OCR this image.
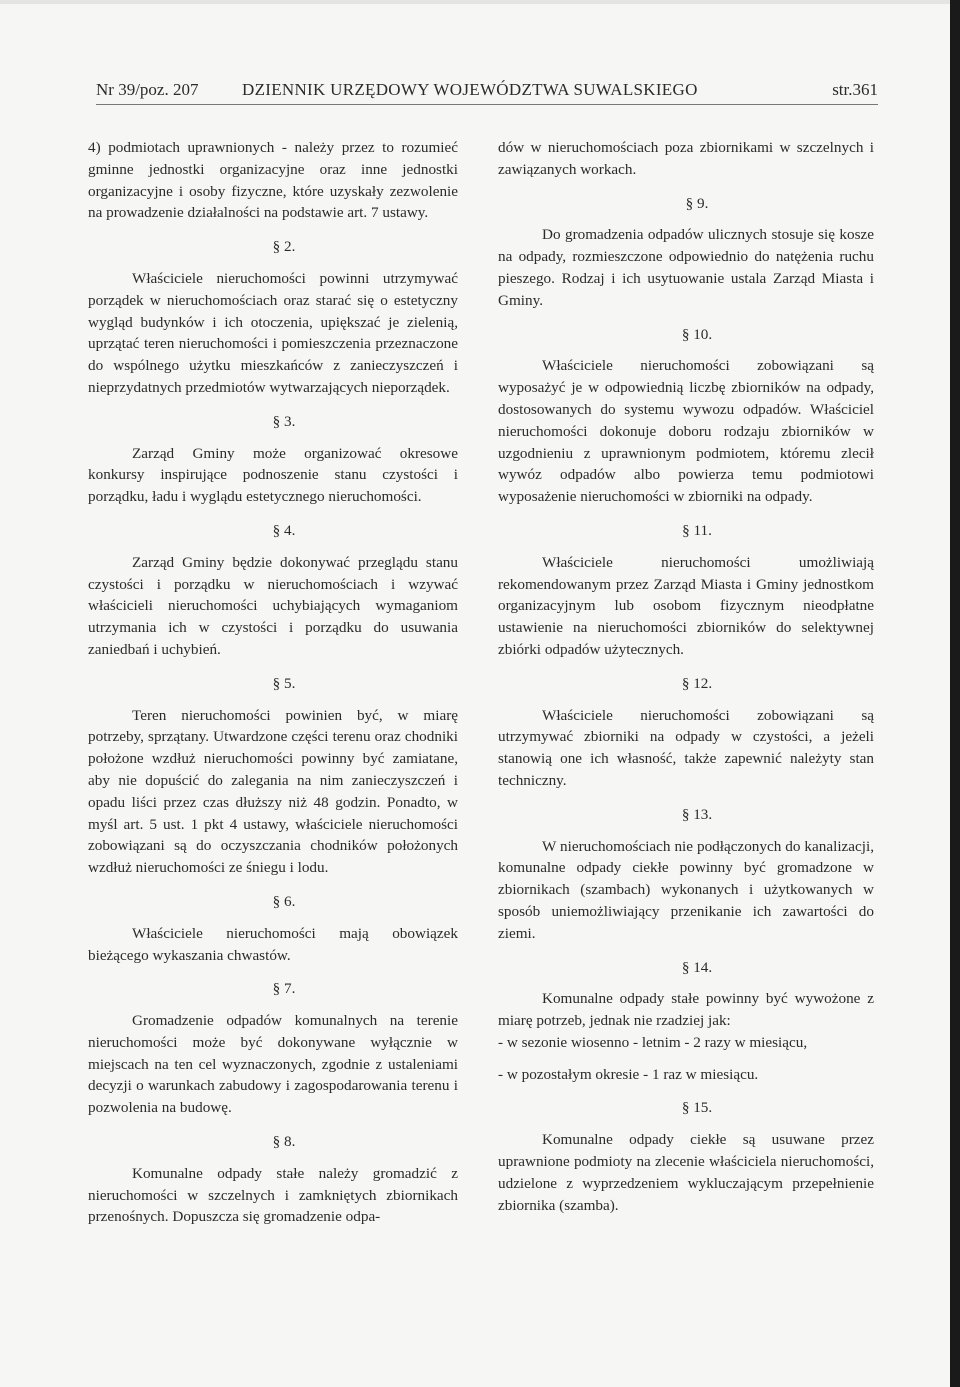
Nr 39/poz. 207	DZIENNIK URZĘDOWY WOJEWÓDZTWA SUWALSKIEGO	str.361

4) podmiotach uprawnionych - należy przez to rozumieć gminne jednostki organizacyjne oraz inne jednostki organizacyjne i osoby fizyczne, które uzyskały zezwolenie na prowadzenie działalności na podstawie art. 7 ustawy.

§ 2.

Właściciele nieruchomości powinni utrzymywać porządek w nieruchomościach oraz starać się o estetyczny wygląd budynków i ich otoczenia, upiększać je zielenią, uprzątać teren nieruchomości i pomieszczenia przeznaczone do wspólnego użytku mieszkańców z zanieczyszczeń i nieprzydatnych przedmiotów wytwarzających nieporządek.

§ 3.

Zarząd Gminy może organizować okresowe konkursy inspirujące podnoszenie stanu czystości i porządku, ładu i wyglądu estetycznego nieruchomości.

§ 4.

Zarząd Gminy będzie dokonywać przeglądu stanu czystości i porządku w nieruchomościach i wzywać właścicieli nieruchomości uchybiających wymaganiom utrzymania ich w czystości i porządku do usuwania zaniedbań i uchybień.

§ 5.

Teren nieruchomości powinien być, w miarę potrzeby, sprzątany. Utwardzone części terenu oraz chodniki położone wzdłuż nieruchomości powinny być zamiatane, aby nie dopuścić do zalegania na nim zanieczyszczeń i opadu liści przez czas dłuższy niż 48 godzin. Ponadto, w myśl art. 5 ust. 1 pkt 4 ustawy, właściciele nieruchomości zobowiązani są do oczyszczania chodników położonych wzdłuż nieruchomości ze śniegu i lodu.

§ 6.

Właściciele nieruchomości mają obowiązek bieżącego wykaszania chwastów.

§ 7.

Gromadzenie odpadów komunalnych na terenie nieruchomości może być dokonywane wyłącznie w miejscach na ten cel wyznaczonych, zgodnie z ustaleniami decyzji o warunkach zabudowy i zagospodarowania terenu i pozwolenia na budowę.

§ 8.

Komunalne odpady stałe należy gromadzić z nieruchomości w szczelnych i zamkniętych zbiornikach przenośnych. Dopuszcza się gromadzenie odpa-

dów w nieruchomościach poza zbiornikami w szczelnych i zawiązanych workach.

§ 9.

Do gromadzenia odpadów ulicznych stosuje się kosze na odpady, rozmieszczone odpowiednio do natężenia ruchu pieszego. Rodzaj i ich usytuowanie ustala Zarząd Miasta i Gminy.

§ 10.

Właściciele nieruchomości zobowiązani są wyposażyć je w odpowiednią liczbę zbiorników na odpady, dostosowanych do systemu wywozu odpadów. Właściciel nieruchomości dokonuje doboru rodzaju zbiorników w uzgodnieniu z uprawnionym podmiotem, któremu zlecił wywóz odpadów albo powierza temu podmiotowi wyposażenie nieruchomości w zbiorniki na odpady.

§ 11.

Właściciele nieruchomości umożliwiają rekomendowanym przez Zarząd Miasta i Gminy jednostkom organizacyjnym lub osobom fizycznym nieodpłatne ustawienie na nieruchomości zbiorników do selektywnej zbiórki odpadów użytecznych.

§ 12.

Właściciele nieruchomości zobowiązani są utrzymywać zbiorniki na odpady w czystości, a jeżeli stanowią one ich własność, także zapewnić należyty stan techniczny.

§ 13.

W nieruchomościach nie podłączonych do kanalizacji, komunalne odpady ciekłe powinny być gromadzone w zbiornikach (szambach) wykonanych i użytkowanych w sposób uniemożliwiający przenikanie ich zawartości do ziemi.

§ 14.

Komunalne odpady stałe powinny być wywożone z miarę potrzeb, jednak nie rzadziej jak:

- w sezonie wiosenno - letnim - 2 razy w miesiącu,

- w pozostałym okresie - 1 raz w miesiącu.

§ 15.

Komunalne odpady ciekłe są usuwane przez uprawnione podmioty na zlecenie właściciela nieruchomości, udzielone z wyprzedzeniem wykluczającym przepełnienie zbiornika (szamba).
